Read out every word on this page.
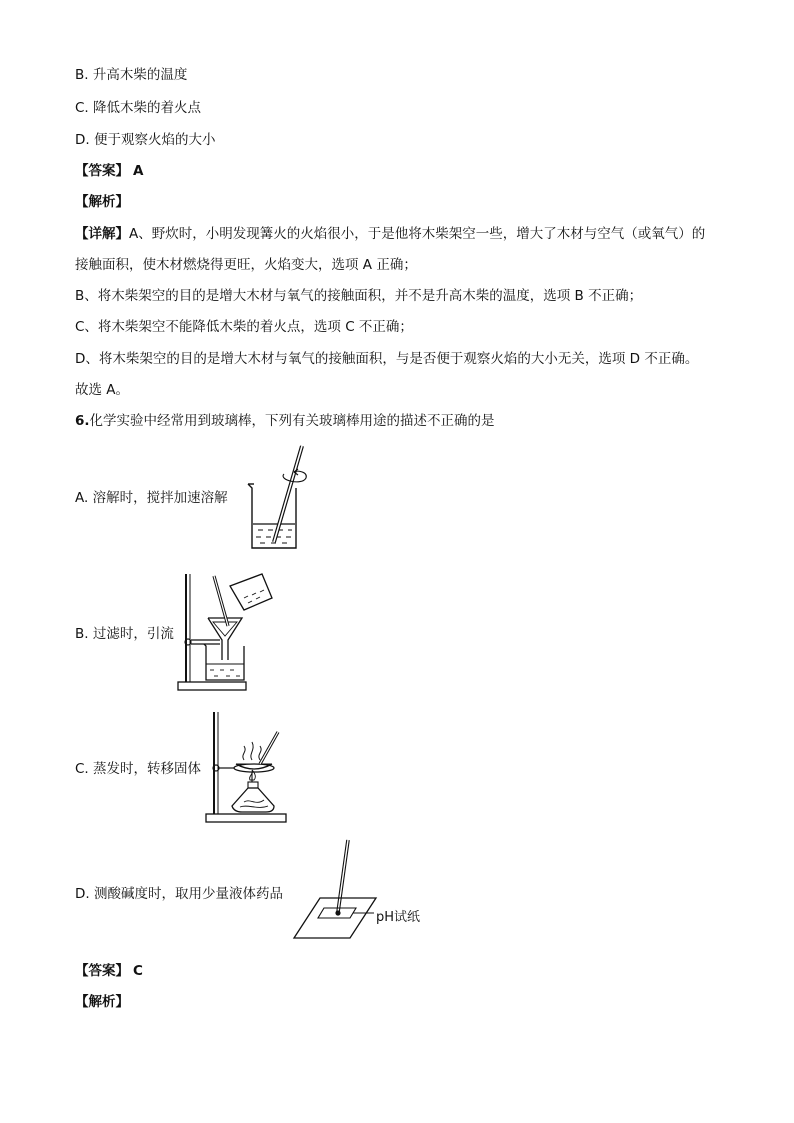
B. 升高木柴的温度
C. 降低木柴的着火点
D. 便于观察火焰的大小
【答案】 A
【解析】
【详解】A、野炊时，小明发现篝火的火焰很小，于是他将木柴架空一些，增大了木材与空气（或氧气）的
接触面积，使木材燃烧得更旺，火焰变大，选项 A 正确；
B、将木柴架空的目的是增大木材与氧气的接触面积，并不是升高木柴的温度，选项 B 不正确；
C、将木柴架空不能降低木柴的着火点，选项 C 不正确；
D、将木柴架空的目的是增大木材与氧气的接触面积，与是否便于观察火焰的大小无关，选项 D 不正确。
故选 A。
6.化学实验中经常用到玻璃棒，下列有关玻璃棒用途的描述不正确的是
A. 溶解时，搅拌加速溶解
B. 过滤时，引流
C. 蒸发时，转移固体
D. 测酸碱度时，取用少量液体药品
pH试纸
【答案】 C
【解析】
